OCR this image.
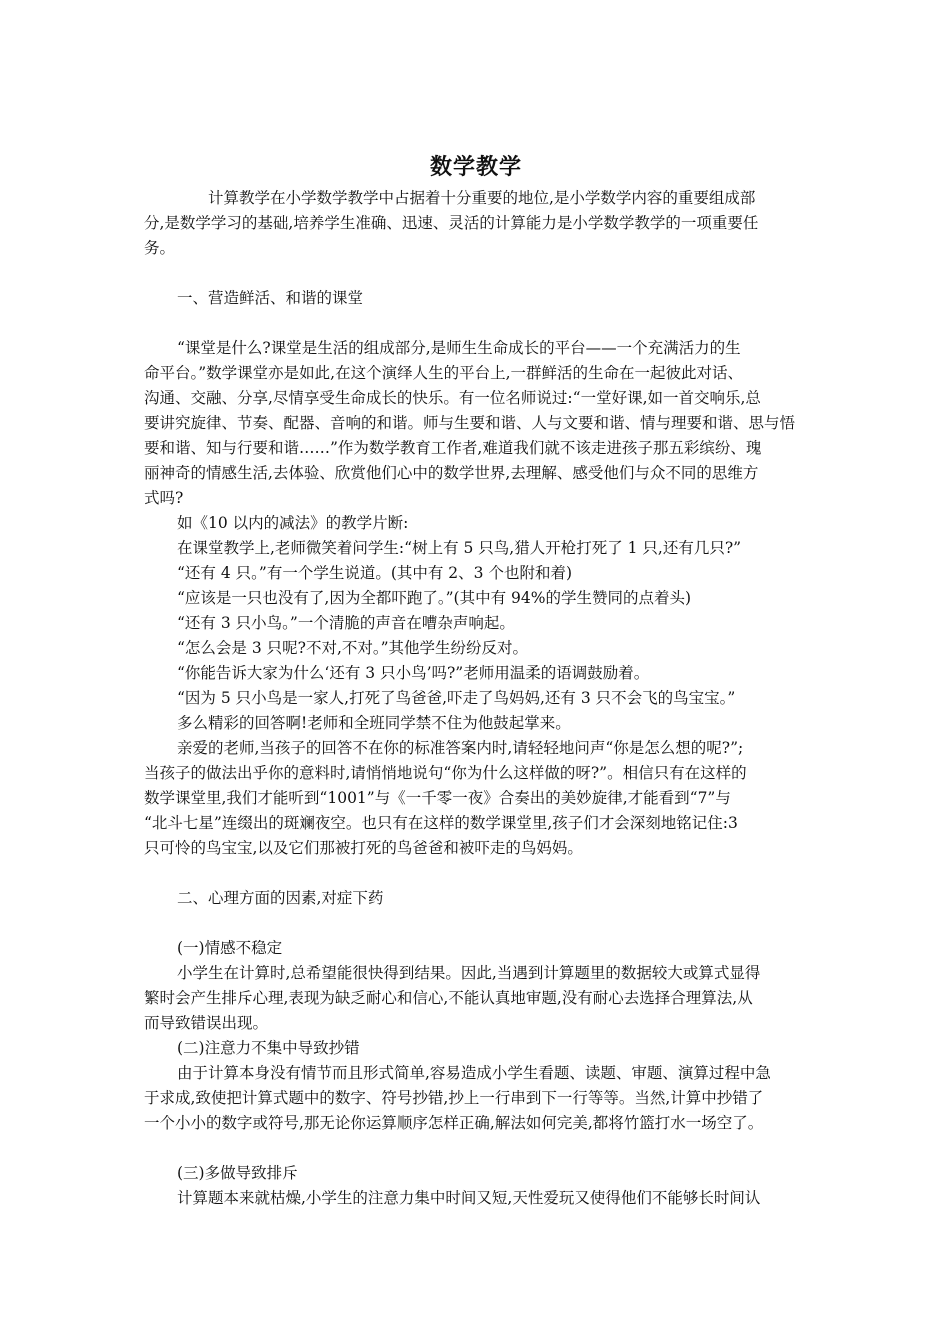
数学教学
计算教学在小学数学教学中占据着十分重要的地位,是小学数学内容的重要组成部
分,是数学学习的基础,培养学生准确、迅速、灵活的计算能力是小学数学教学的一项重要任
务。
一、营造鲜活、和谐的课堂
“课堂是什么?课堂是生活的组成部分,是师生生命成长的平台——一个充满活力的生
命平台。”数学课堂亦是如此,在这个演绎人生的平台上,一群鲜活的生命在一起彼此对话、
沟通、交融、分享,尽情享受生命成长的快乐。有一位名师说过:“一堂好课,如一首交响乐,总
要讲究旋律、节奏、配器、音响的和谐。师与生要和谐、人与文要和谐、情与理要和谐、思与悟
要和谐、知与行要和谐……”作为数学教育工作者,难道我们就不该走进孩子那五彩缤纷、瑰
丽神奇的情感生活,去体验、欣赏他们心中的数学世界,去理解、感受他们与众不同的思维方
式吗?
如《10 以内的减法》的教学片断:
在课堂教学上,老师微笑着问学生:“树上有 5 只鸟,猎人开枪打死了 1 只,还有几只?”
“还有 4 只。”有一个学生说道。(其中有 2、3 个也附和着)
“应该是一只也没有了,因为全都吓跑了。”(其中有 94%的学生赞同的点着头)
“还有 3 只小鸟。”一个清脆的声音在嘈杂声响起。
“怎么会是 3 只呢?不对,不对。”其他学生纷纷反对。
“你能告诉大家为什么‘还有 3 只小鸟’吗?”老师用温柔的语调鼓励着。
“因为 5 只小鸟是一家人,打死了鸟爸爸,吓走了鸟妈妈,还有 3 只不会飞的鸟宝宝。”
多么精彩的回答啊!老师和全班同学禁不住为他鼓起掌来。
亲爱的老师,当孩子的回答不在你的标准答案内时,请轻轻地问声“你是怎么想的呢?”;
当孩子的做法出乎你的意料时,请悄悄地说句“你为什么这样做的呀?”。相信只有在这样的
数学课堂里,我们才能听到“1001”与《一千零一夜》合奏出的美妙旋律,才能看到“7”与
“北斗七星”连缀出的斑斓夜空。也只有在这样的数学课堂里,孩子们才会深刻地铭记住:3
只可怜的鸟宝宝,以及它们那被打死的鸟爸爸和被吓走的鸟妈妈。
二、心理方面的因素,对症下药
(一)情感不稳定
小学生在计算时,总希望能很快得到结果。因此,当遇到计算题里的数据较大或算式显得
繁时会产生排斥心理,表现为缺乏耐心和信心,不能认真地审题,没有耐心去选择合理算法,从
而导致错误出现。
(二)注意力不集中导致抄错
由于计算本身没有情节而且形式简单,容易造成小学生看题、读题、审题、演算过程中急
于求成,致使把计算式题中的数字、符号抄错,抄上一行串到下一行等等。当然,计算中抄错了
一个小小的数字或符号,那无论你运算顺序怎样正确,解法如何完美,都将竹篮打水一场空了。
(三)多做导致排斥
计算题本来就枯燥,小学生的注意力集中时间又短,天性爱玩又使得他们不能够长时间认
